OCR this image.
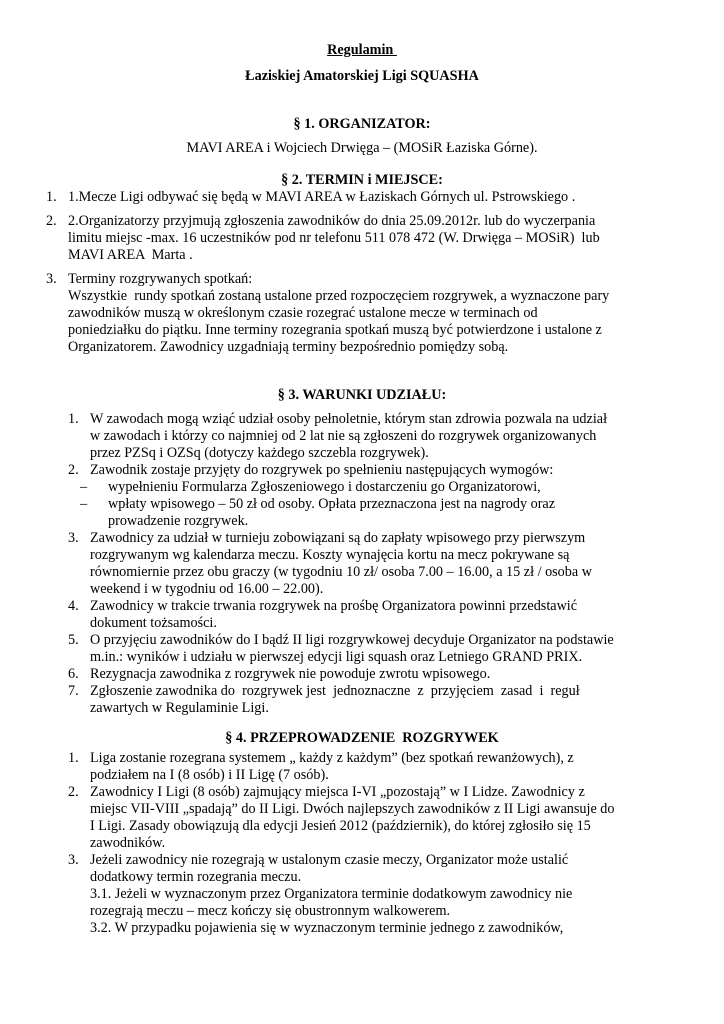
Regulamin
Łaziskiej Amatorskiej Ligi SQUASHA
§ 1. ORGANIZATOR:
MAVI AREA i Wojciech Drwięga – (MOSiR Łaziska Górne).
§ 2. TERMIN i MIEJSCE:
1. 1.Mecze Ligi odbywać się będą w MAVI AREA w Łaziskach Górnych ul. Pstrowskiego .
2. 2.Organizatorzy przyjmują zgłoszenia zawodników do dnia 25.09.2012r. lub do wyczerpania
limitu miejsc -max. 16 uczestników pod nr telefonu 511 078 472 (W. Drwięga – MOSiR)  lub
MAVI AREA  Marta .
3. Terminy rozgrywanych spotkań:
Wszystkie  rundy spotkań zostaną ustalone przed rozpoczęciem rozgrywek, a wyznaczone pary
zawodników muszą w określonym czasie rozegrać ustalone mecze w terminach od
poniedziałku do piątku. Inne terminy rozegrania spotkań muszą być potwierdzone i ustalone z
Organizatorem. Zawodnicy uzgadniają terminy bezpośrednio pomiędzy sobą.
§ 3. WARUNKI UDZIAŁU:
1. W zawodach mogą wziąć udział osoby pełnoletnie, którym stan zdrowia pozwala na udział
w zawodach i którzy co najmniej od 2 lat nie są zgłoszeni do rozgrywek organizowanych
przez PZSq i OZSq (dotyczy każdego szczebla rozgrywek).
2. Zawodnik zostaje przyjęty do rozgrywek po spełnieniu następujących wymogów:
– wypełnieniu Formularza Zgłoszeniowego i dostarczeniu go Organizatorowi,
– wpłaty wpisowego – 50 zł od osoby. Opłata przeznaczona jest na nagrody oraz
prowadzenie rozgrywek.
3. Zawodnicy za udział w turnieju zobowiązani są do zapłaty wpisowego przy pierwszym
rozgrywanym wg kalendarza meczu. Koszty wynajęcia kortu na mecz pokrywane są
równomiernie przez obu graczy (w tygodniu 10 zł/ osoba 7.00 – 16.00, a 15 zł / osoba w
weekend i w tygodniu od 16.00 – 22.00).
4. Zawodnicy w trakcie trwania rozgrywek na prośbę Organizatora powinni przedstawić
dokument tożsamości.
5. O przyjęciu zawodników do I bądź II ligi rozgrywkowej decyduje Organizator na podstawie
m.in.: wyników i udziału w pierwszej edycji ligi squash oraz Letniego GRAND PRIX.
6. Rezygnacja zawodnika z rozgrywek nie powoduje zwrotu wpisowego.
7. Zgłoszenie zawodnika do  rozgrywek jest  jednoznaczne  z  przyjęciem  zasad  i  reguł
zawartych w Regulaminie Ligi.
§ 4. PRZEPROWADZENIE  ROZGRYWEK
1. Liga zostanie rozegrana systemem „ każdy z każdym” (bez spotkań rewanżowych), z
podziałem na I (8 osób) i II Ligę (7 osób).
2. Zawodnicy I Ligi (8 osób) zajmujący miejsca I-VI „pozostają” w I Lidze. Zawodnicy z
miejsc VII-VIII „spadają” do II Ligi. Dwóch najlepszych zawodników z II Ligi awansuje do
I Ligi. Zasady obowiązują dla edycji Jesień 2012 (październik), do której zgłosiło się 15
zawodników.
3. Jeżeli zawodnicy nie rozegrają w ustalonym czasie meczy, Organizator może ustalić
dodatkowy termin rozegrania meczu.
3.1. Jeżeli w wyznaczonym przez Organizatora terminie dodatkowym zawodnicy nie
rozegrają meczu – mecz kończy się obustronnym walkowerem.
3.2. W przypadku pojawienia się w wyznaczonym terminie jednego z zawodników,
